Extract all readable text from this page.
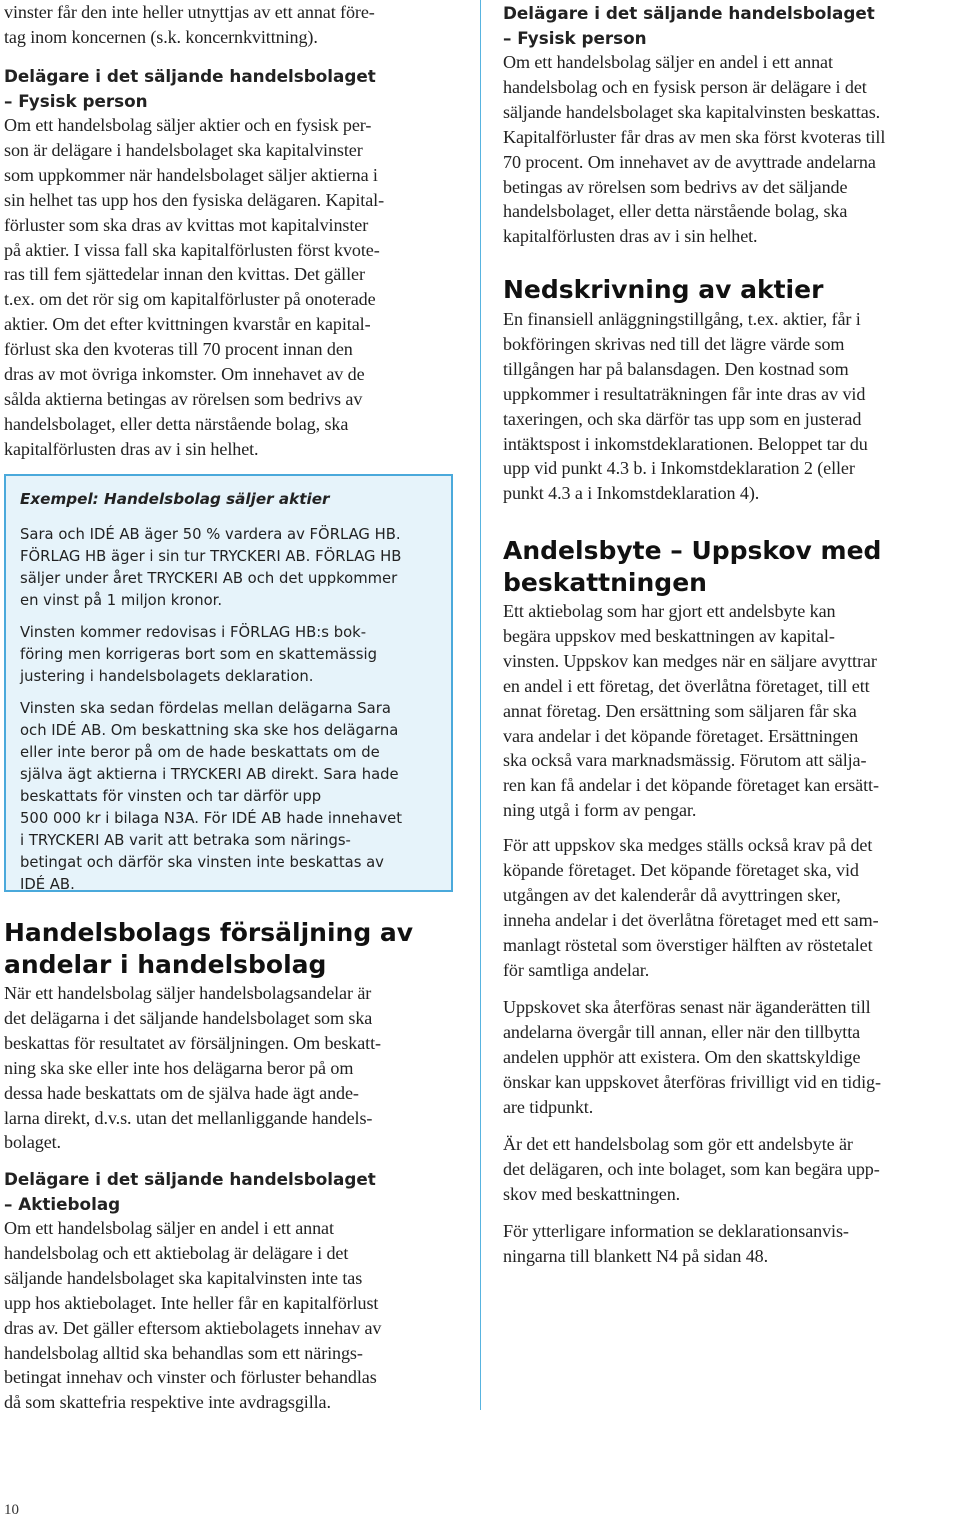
vinster får den inte heller utnyttjas av ett annat före-
tag inom koncernen (s.k. koncernkvittning).

Delägare i det säljande handelsbolaget
– Fysisk person

Om ett handelsbolag säljer aktier och en fysisk per-
son är delägare i handelsbolaget ska kapitalvinster
som uppkommer när handelsbolaget säljer aktierna i
sin helhet tas upp hos den fysiska delägaren. Kapital-
förluster som ska dras av kvittas mot kapitalvinster
på aktier. I vissa fall ska kapitalförlusten först kvote-
ras till fem sjättedelar innan den kvittas. Det gäller
t.ex. om det rör sig om kapitalförluster på onoterade
aktier. Om det efter kvittningen kvarstår en kapital-
förlust ska den kvoteras till 70 procent innan den
dras av mot övriga inkomster. Om innehavet av de
sålda aktierna betingas av rörelsen som bedrivs av
handelsbolaget, eller detta närstående bolag, ska
kapitalförlusten dras av i sin helhet.

Exempel: Handelsbolag säljer aktier

Sara och IDÉ AB äger 50 % vardera av FÖRLAG HB.
FÖRLAG HB äger i sin tur TRYCKERI AB. FÖRLAG HB
säljer under året TRYCKERI AB och det uppkommer
en vinst på 1 miljon kronor.

Vinsten kommer redovisas i FÖRLAG HB:s bok-
föring men korrigeras bort som en skattemässig
justering i handelsbolagets deklaration.

Vinsten ska sedan fördelas mellan delägarna Sara
och IDÉ AB. Om beskattning ska ske hos delägarna
eller inte beror på om de hade beskattats om de
själva ägt aktierna i TRYCKERI AB direkt. Sara hade
beskattats för vinsten och tar därför upp
500 000 kr i bilaga N3A. För IDÉ AB hade innehavet
i TRYCKERI AB varit att betraka som närings-
betingat och därför ska vinsten inte beskattas av
IDÉ AB.

Handelsbolags försäljning av
andelar i handelsbolag

När ett handelsbolag säljer handelsbolagsandelar är
det delägarna i det säljande handelsbolaget som ska
beskattas för resultatet av försäljningen. Om beskatt-
ning ska ske eller inte hos delägarna beror på om
dessa hade beskattats om de själva hade ägt ande-
larna direkt, d.v.s. utan det mellanliggande handels-
bolaget.

Delägare i det säljande handelsbolaget
– Aktiebolag

Om ett handelsbolag säljer en andel i ett annat
handelsbolag och ett aktiebolag är delägare i det
säljande handelsbolaget ska kapitalvinsten inte tas
upp hos aktiebolaget. Inte heller får en kapitalförlust
dras av. Det gäller eftersom aktiebolagets innehav av
handelsbolag alltid ska behandlas som ett närings-
betingat innehav och vinster och förluster behandlas
då som skattefria respektive inte avdragsgilla.

Delägare i det säljande handelsbolaget
– Fysisk person

Om ett handelsbolag säljer en andel i ett annat
handelsbolag och en fysisk person är delägare i det
säljande handelsbolaget ska kapitalvinsten beskattas.
Kapitalförluster får dras av men ska först kvoteras till
70 procent. Om innehavet av de avyttrade andelarna
betingas av rörelsen som bedrivs av det säljande
handelsbolaget, eller detta närstående bolag, ska
kapitalförlusten dras av i sin helhet.

Nedskrivning av aktier

En finansiell anläggningstillgång, t.ex. aktier, får i
bokföringen skrivas ned till det lägre värde som
tillgången har på balansdagen. Den kostnad som
uppkommer i resultaträkningen får inte dras av vid
taxeringen, och ska därför tas upp som en justerad
intäktspost i inkomstdeklarationen. Beloppet tar du
upp vid punkt 4.3 b. i Inkomstdeklaration 2 (eller
punkt 4.3 a i Inkomstdeklaration 4).

Andelsbyte – Uppskov med
beskattningen

Ett aktiebolag som har gjort ett andelsbyte kan
begära uppskov med beskattningen av kapital-
vinsten. Uppskov kan medges när en säljare avyttrar
en andel i ett företag, det överlåtna företaget, till ett
annat företag. Den ersättning som säljaren får ska
vara andelar i det köpande företaget. Ersättningen
ska också vara marknadsmässig. Förutom att sälja-
ren kan få andelar i det köpande företaget kan ersätt-
ning utgå i form av pengar.

För att uppskov ska medges ställs också krav på det
köpande företaget. Det köpande företaget ska, vid
utgången av det kalenderår då avyttringen sker,
inneha andelar i det överlåtna företaget med ett sam-
manlagt röstetal som överstiger hälften av röstetalet
för samtliga andelar.

Uppskovet ska återföras senast när äganderätten till
andelarna övergår till annan, eller när den tillbytta
andelen upphör att existera. Om den skattskyldige
önskar kan uppskovet återföras frivilligt vid en tidig-
are tidpunkt.

Är det ett handelsbolag som gör ett andelsbyte är
det delägaren, och inte bolaget, som kan begära upp-
skov med beskattningen.

För ytterligare information se deklarationsanvis-
ningarna till blankett N4 på sidan 48.

10
